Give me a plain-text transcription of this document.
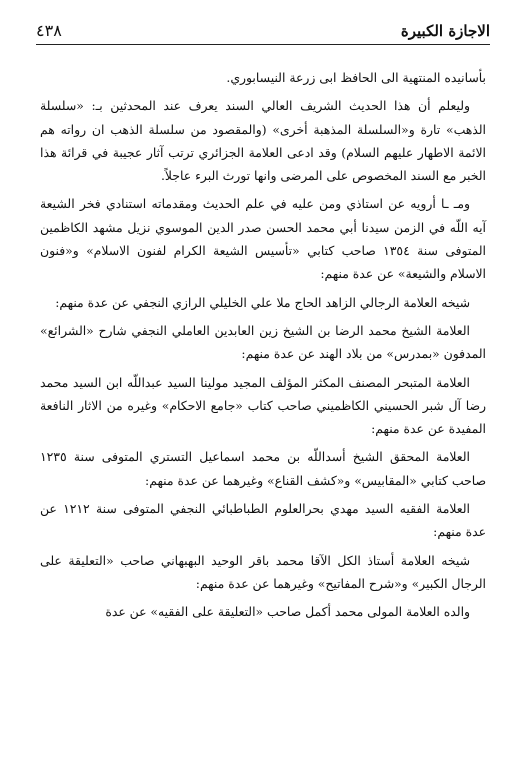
الاجازة الكبيرة
٤٣٨

بأسانيده المنتهية الى الحافظ ابى زرعة النيسابوري.

وليعلم أن هذا الحديث الشريف العالي السند يعرف عند المحدثين بـ: «سلسلة الذهب» تارة و«السلسلة المذهبة أخرى» (والمقصود من سلسلة الذهب ان رواته هم الائمة الاطهار عليهم السلام) وقد ادعى العلامة الجزائري ترتب آثار عجيبة في قرائة هذا الخبر مع السند المخصوص على المرضى وانها تورث البرء عاجلاً.

ومـ ـا أرويه عن استاذي ومن عليه في علم الحديث ومقدماته استنادي فخر الشيعة آيه اللّه في الزمن سيدنا أبي محمد الحسن صدر الدين الموسوي نزيل مشهد الكاظمين المتوفى سنة ١٣٥٤ صاحب كتابي «تأسيس الشيعة الكرام لفنون الاسلام» و«فنون الاسلام والشيعة» عن عدة منهم:

شيخه العلامة الرجالي الزاهد الحاج ملا علي الخليلي الرازي النجفي عن عدة منهم:

العلامة الشيخ محمد الرضا بن الشيخ زين العابدين العاملي النجفي شارح «الشرائع» المدفون «بمدرس» من بلاد الهند عن عدة منهم:

العلامة المتبحر المصنف المكثر المؤلف المجيد مولينا السيد عبداللّه ابن السيد محمد رضا آل شبر الحسيني الكاظميني صاحب كتاب «جامع الاحكام» وغيره من الاثار النافعة المفيدة عن عدة منهم:

العلامة المحقق الشيخ أسداللّه بن محمد اسماعيل التستري المتوفى سنة ١٢٣٥ صاحب كتابي «المقابيس» و«كشف القناع» وغيرهما عن عدة منهم:

العلامة الفقيه السيد مهدي بحرالعلوم الطباطبائي النجفي المتوفى سنة ١٢١٢ عن عدة منهم:

شيخه العلامة أستاذ الكل الآقا محمد باقر الوحيد البهبهاني صاحب «التعليقة على الرجال الكبير» و«شرح المفاتيح» وغيرهما عن عدة منهم:

والده العلامة المولى محمد أكمل صاحب «التعليقة على الفقيه» عن عدة
